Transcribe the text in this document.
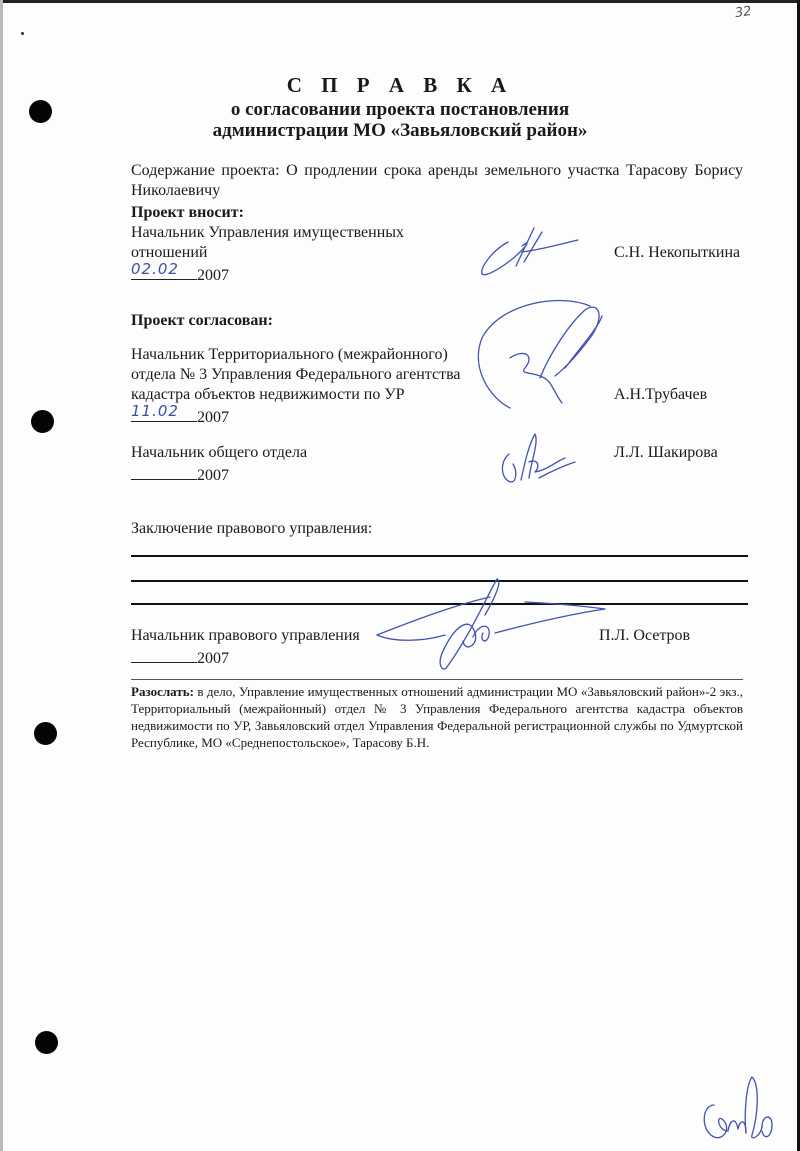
32
С П Р А В К А
о согласовании проекта постановления
администрации МО «Завьяловский район»
Содержание проекта: О продлении срока аренды земельного участка Тарасову Борису
Николаевичу
Проект вносит:
Начальник Управления имущественных
отношений
02.02 2007
С.Н. Некопыткина
Проект согласован:
Начальник Территориального (межрайонного)
отдела № 3 Управления Федерального агентства
кадастра объектов недвижимости по УР
11.02 2007
А.Н.Трубачев
Начальник общего отдела
2007
Л.Л. Шакирова
Заключение правового управления:
Начальник правового управления
2007
П.Л. Осетров

Разослать: в дело, Управление имущественных отношений администрации МО «Завьяловский район»-2 экз., Территориальный (межрайонный) отдел № 3 Управления Федерального агентства кадастра объектов недвижимости по УР, Завьяловский отдел Управления Федеральной регистрационной службы по Удмуртской Республике, МО «Среднепостольское», Тарасову Б.Н.
